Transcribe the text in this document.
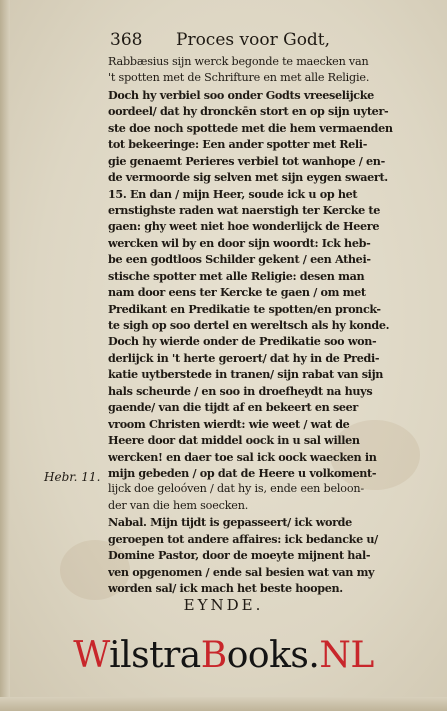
368 Proces voor Godt,
Rabbæsius sijn werck begonde te maecken van
't spotten met de Schrifture en met alle Religie.
Doch hy verbiel soo onder Godts vreeselijcke
oordeel/ dat hy dronckēn stort en op sijn uyter-
ste doe noch spottede met die hem vermaenden
tot bekeeringe: Een ander spotter met Reli-
gie genaemt Perieres verbiel tot wanhope / en-
de vermoorde sig selven met sijn eygen swaert.
15. En dan / mijn Heer, soude ick u op het
ernstighste raden wat naerstigh ter Kercke te
gaen: ghy weet niet hoe wonderlijck de Heere
wercken wil by en door sijn woordt: Ick heb-
be een godtloos Schilder gekent / een Athei-
stische spotter met alle Religie: desen man
nam door eens ter Kercke te gaen / om met
Predikant en Predikatie te spotten/en pronck-
te sigh op soo dertel en wereltsch als hy konde.
Doch hy wierde onder de Predikatie soo won-
derlijck in 't herte geroert/ dat hy in de Predi-
katie uytberstede in tranen/ sijn rabat van sijn
hals scheurde / en soo in droefheydt na huys
gaende/ van die tijdt af en bekeert en seer
vroom Christen wierdt: wie weet / wat de
Heere door dat middel oock in u sal willen
wercken! en daer toe sal ick oock waecken in
mijn gebeden / op dat de Heere u volkoment-
lijck doe geloóven / dat hy is, ende een beloon-
der van die hem soecken.
Nabal. Mijn tijdt is gepasseert/ ick worde
geroepen tot andere affaires: ick bedancke u/
Domine Pastor, door de moeyte mijnent hal-
ven opgenomen / ende sal besien wat van my
worden sal/ ick mach het beste hoopen.
Hebr. 11.
EYNDE.
WilstraBooks.NL
